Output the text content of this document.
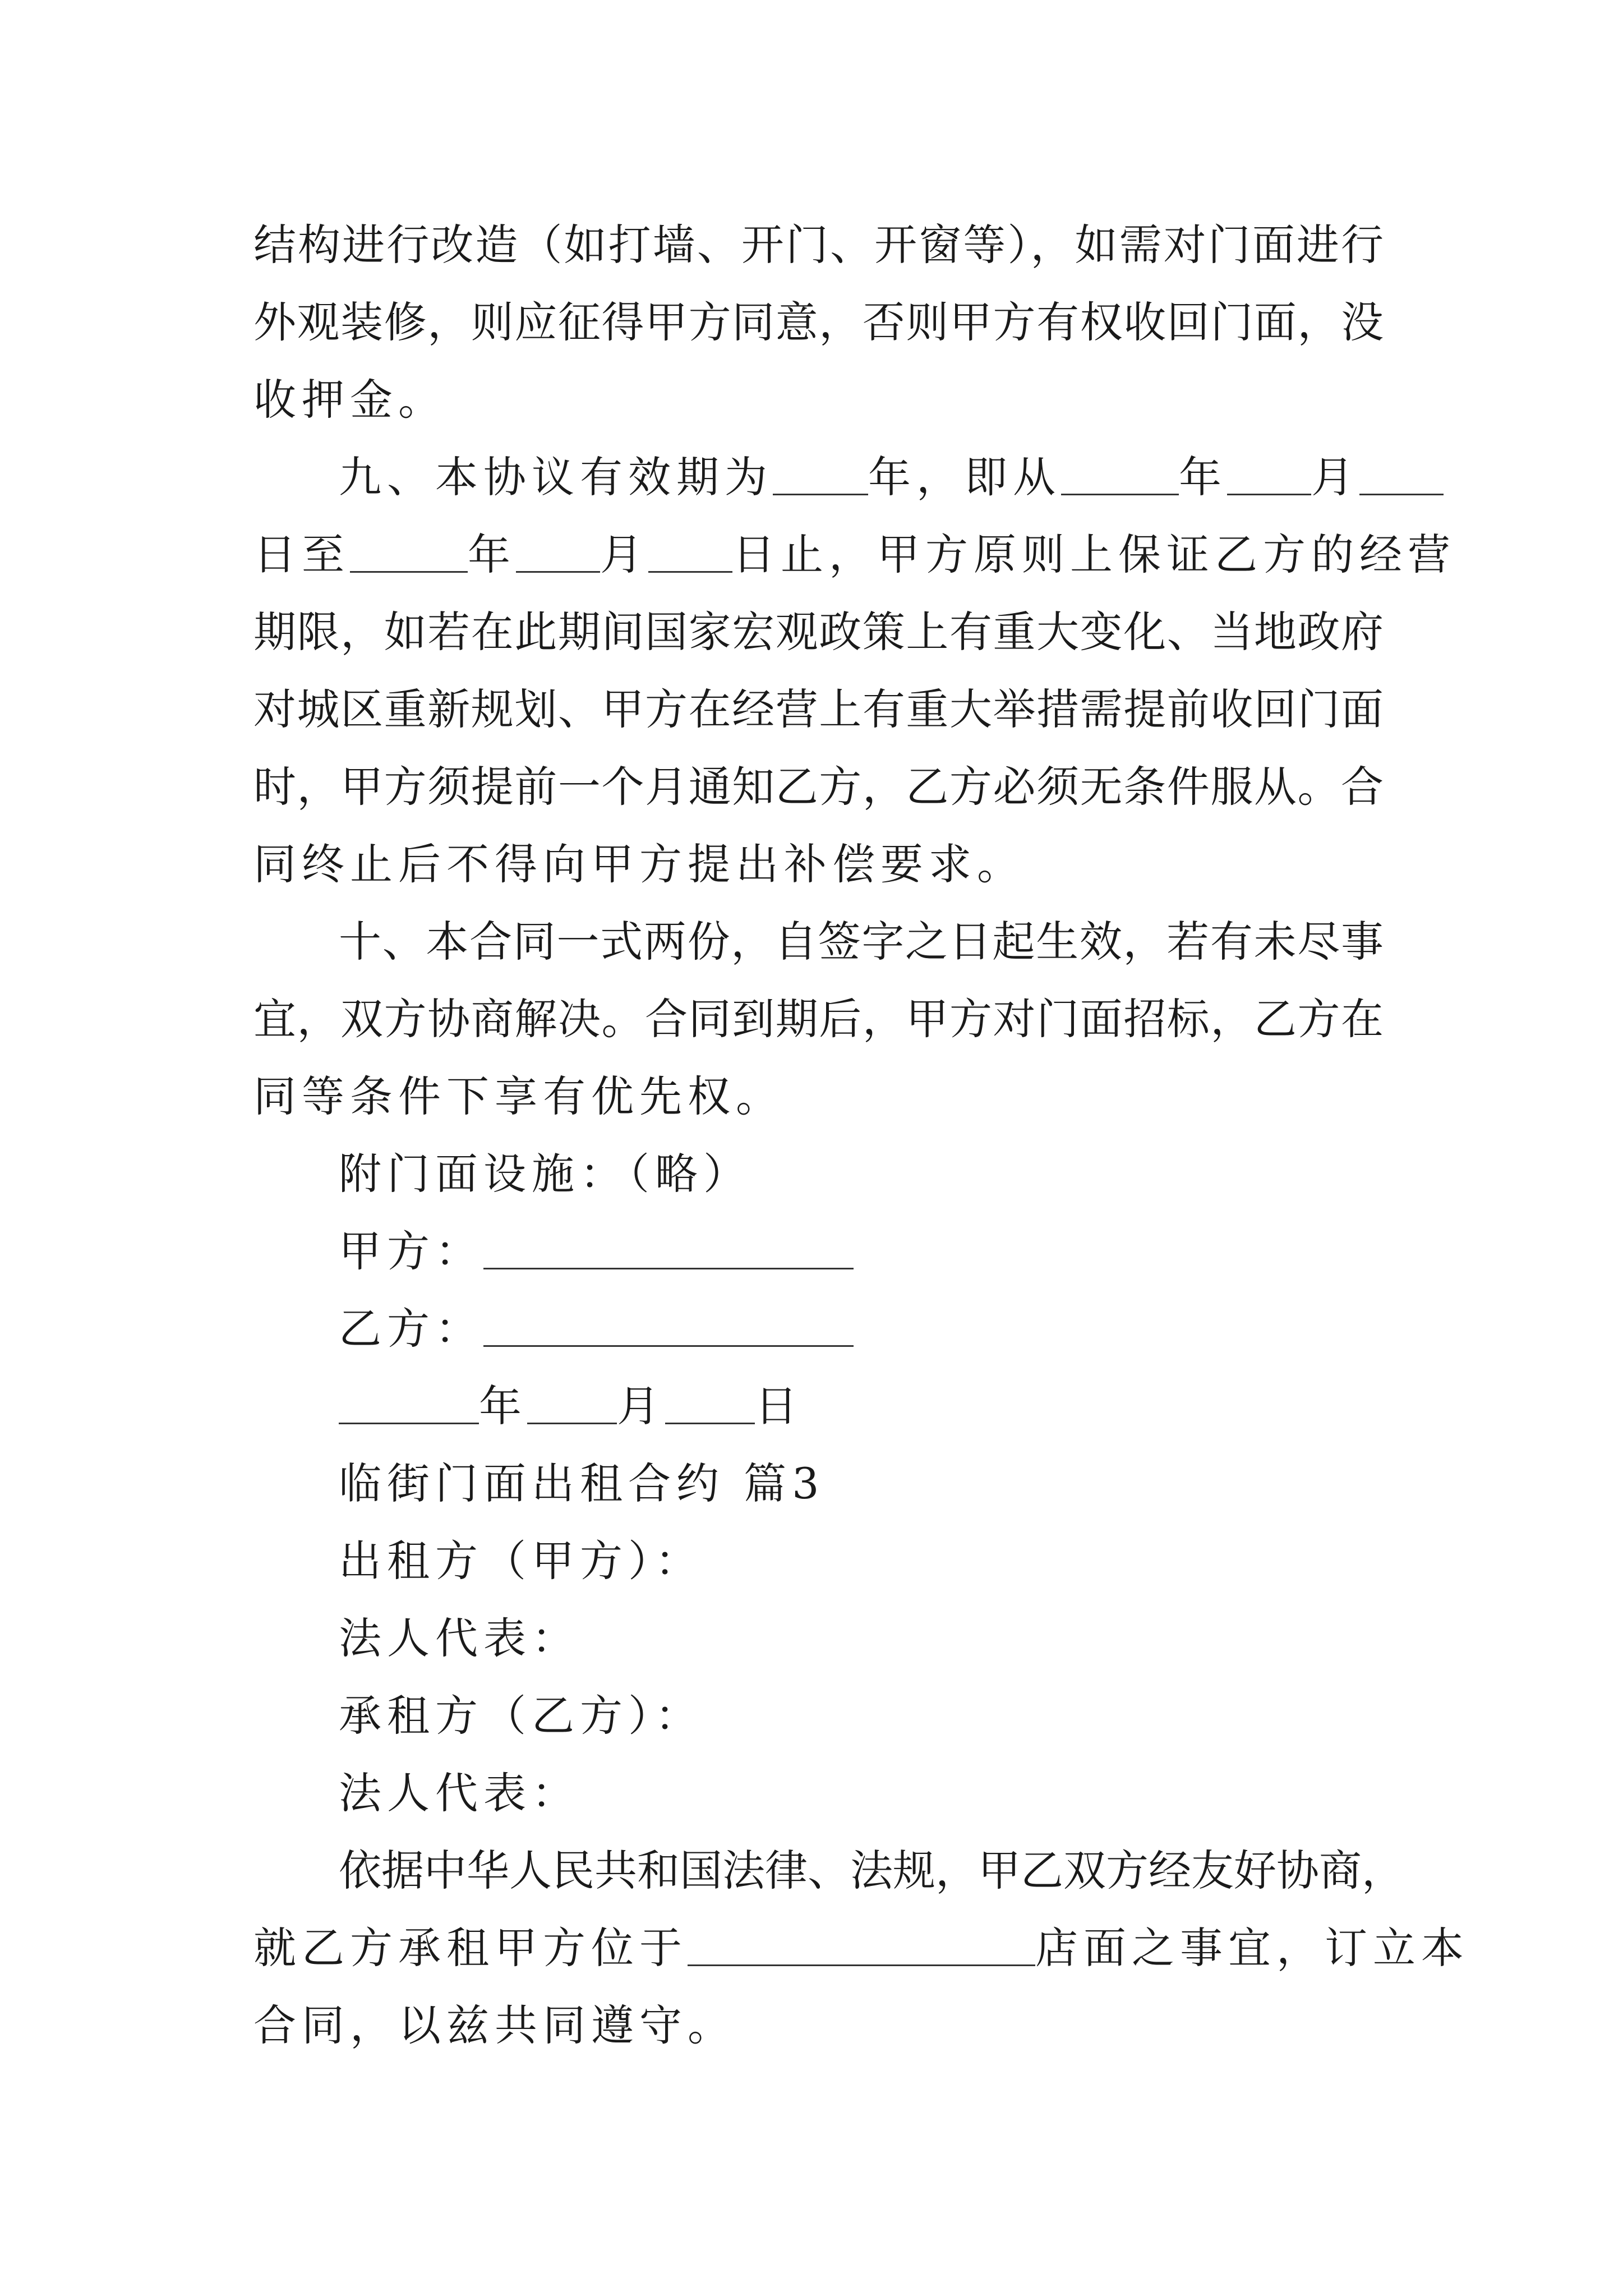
结构进行改造（如打墙、开门、开窗等），如需对门面进行
外观装修，则应征得甲方同意，否则甲方有权收回门面，没
收押金。
九、本协议有效期为 年，即从	年 月
日至	年 月 日止，甲方原则上保证乙方的经营
期限，如若在此期间国家宏观政策上有重大变化、当地政府
对城区重新规划、甲方在经营上有重大举措需提前收回门面
时，甲方须提前一个月通知乙方，乙方必须无条件服从。合
同终止后不得向甲方提出补偿要求。
十、本合同一式两份，自签字之日起生效，若有未尽事
宜，双方协商解决。合同到期后，甲方对门面招标，乙方在
同等条件下享有优先权。
附门面设施：（略）
甲方：
乙方：
年 月 日
临街门面出租合约 篇3
出租方（甲方）：
法人代表：
承租方（乙方）：
法人代表：
依据中华人民共和国法律、法规，甲乙双方经友好协商，
就乙方承租甲方位于	店面之事宜，订立本
合同，以兹共同遵守。
